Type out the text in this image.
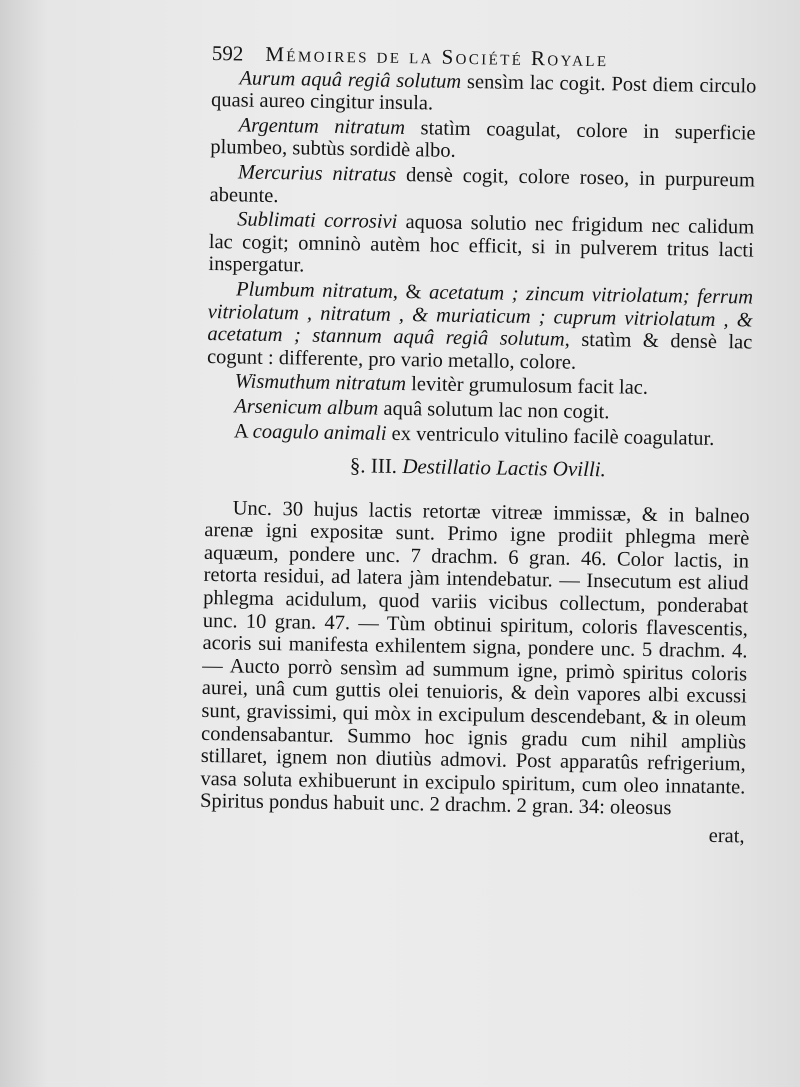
592 Mémoires de la Société Royale

Aurum aquâ regiâ solutum sensìm lac cogit. Post diem circulo quasi aureo cingitur insula.

Argentum nitratum statìm coagulat, colore in superficie plumbeo, subtùs sordidè albo.

Mercurius nitratus densè cogit, colore roseo, in purpureum abeunte.

Sublimati corrosivi aquosa solutio nec frigidum nec calidum lac cogit; omninò autèm hoc efficit, si in pulverem tritus lacti inspergatur.

Plumbum nitratum, & acetatum ; zincum vitriolatum; ferrum vitriolatum , nitratum , & muriaticum ; cuprum vitriolatum , & acetatum ; stannum aquâ regiâ solutum, statìm & densè lac cogunt : differente, pro vario metallo, colore.

Wismuthum nitratum levitèr grumulosum facit lac.

Arsenicum album aquâ solutum lac non cogit.

A coagulo animali ex ventriculo vitulino facilè coagulatur.

§. III. Destillatio Lactis Ovilli.

Unc. 30 hujus lactis retortæ vitreæ immissæ, & in balneo arenæ igni expositæ sunt. Primo igne prodiit phlegma merè aquæum, pondere unc. 7 drachm. 6 gran. 46. Color lactis, in retorta residui, ad latera jàm intendebatur. — Insecutum est aliud phlegma acidulum, quod variis vicibus collectum, ponderabat unc. 10 gran. 47. — Tùm obtinui spiritum, coloris flavescentis, acoris sui manifesta exhilentem signa, pondere unc. 5 drachm. 4. — Aucto porrò sensìm ad summum igne, primò spiritus coloris aurei, unâ cum guttis olei tenuioris, & deìn vapores albi excussi sunt, gravissimi, qui mòx in excipulum descendebant, & in oleum condensabantur. Summo hoc ignis gradu cum nihil ampliùs stillaret, ignem non diutiùs admovi. Post apparatûs refrigerium, vasa soluta exhibuerunt in excipulo spiritum, cum oleo innatante. Spiritus pondus habuit unc. 2 drachm. 2 gran. 34: oleosus

erat,
